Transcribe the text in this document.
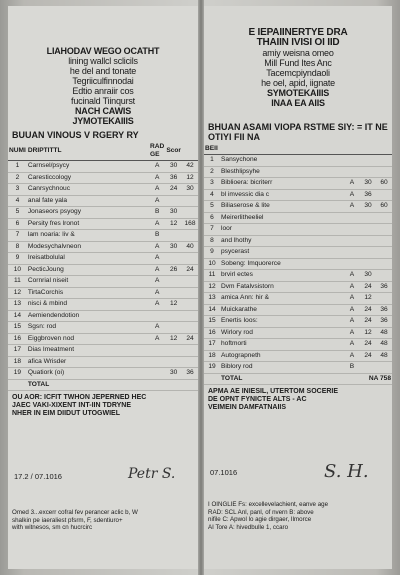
LIAHODAV WEGO OCATHT
lining wallcl sclicils
he del and tonate
Tegriiculfinnodai
Edtio anraiir cos
fucinald Tiinqurst
NACH CAWIS
JYMOTEKAIIIS
BUUAN VINOUS V RGERY RY
NUMI	DRIPTITTL	RAD GE	Scor	
1	Carnsel/psycy	A	30	42
2	Caresticcology	A	36	12
3	Canrsychnouc	A	24	30
4	anal fate yala	A		
5	Jonaseors psyogy	B	30	
6	Persity fres lronot	A	12	168
7	lam noaria: liv &	B		
8	Modesychalvneon	A	30	40
9	Ireisatbolulal	A		
10	PecticJoung	A	26	24
11	Cornrial niseit	A		
12	TirtaCorchis	A		
13	nisci & mbind	A	12	
14	Aemiendendotion			
15	Sgsn: rod	A		
16	Eiggbroven nod	A	12	24
17	Dias Imeatment			
18	afica Wrisder			
19	Quatiork (oi)		30	36
	TOTAL			
OU AOR: ICFIT TWHON JEPERNED HEC
JAEC VAKI-XIXENT INT-IIN TDRYNE
NHER IN EIM DIIDUT UTOGWIEL
17.2 / 07.1016	Petr S.
Omed 3...excerr cofral fev perancer aclic b, W
shalkin pe iaeraliest pfsrm, F, sdentiuro+
with witnesos, sm cn hucrcirc
E IEPAIINERTYE DRA
THAIIN IVISI OI IID
amiy weisna omeo
Mill Fund Ites Anc
Tacemcpiyndaoli
he oel, apid, iignate
SYMOTEKAIIIS
INAA EA AIIS
BHUAN ASAMI VIOPA RSTME SIY: = IT NE OTIYI FII NA
BEII				
1	Sansychone			
2	Blesthlipsyhe			
3	Biblioera: bicriterr	A	30	60
4	bl imvessic dia c	A	36	
5	Biliaserose & lite	A	30	60
6	Meirerlitheeliel			
7	loor			
8	and lhothy			
9	psycerast			
10	Sobeng: Imquorerce			
11	brvirl ectes	A	30	
12	Dvm Fatalvsistorn	A	24	36
13	amica Ann: hir &	A	12	
14	Muickarathe	A	24	36
15	Enertis Ioos:	A	24	36
16	Wirlory rod	A	12	48
17	hoftmorti	A	24	48
18	Autograpneth	A	24	48
19	Biblory rod	B		
	TOTAL	NA 758		
APMA AE INIESIL, UTERTOM SOCERIE
DE OPNT FYNICTE ALTS - AC
VEIMEIN DAMFATNAIIS
07.1016	S. H.
I OINGLIE Fs: excellevelachient, eanve age
RAD: SCL Anl, panl, of nvern B: above
nifile C: Apwol lo agie dirgaer, Ilmorce
AI Tore A: hivedbulle 1, ccaro
